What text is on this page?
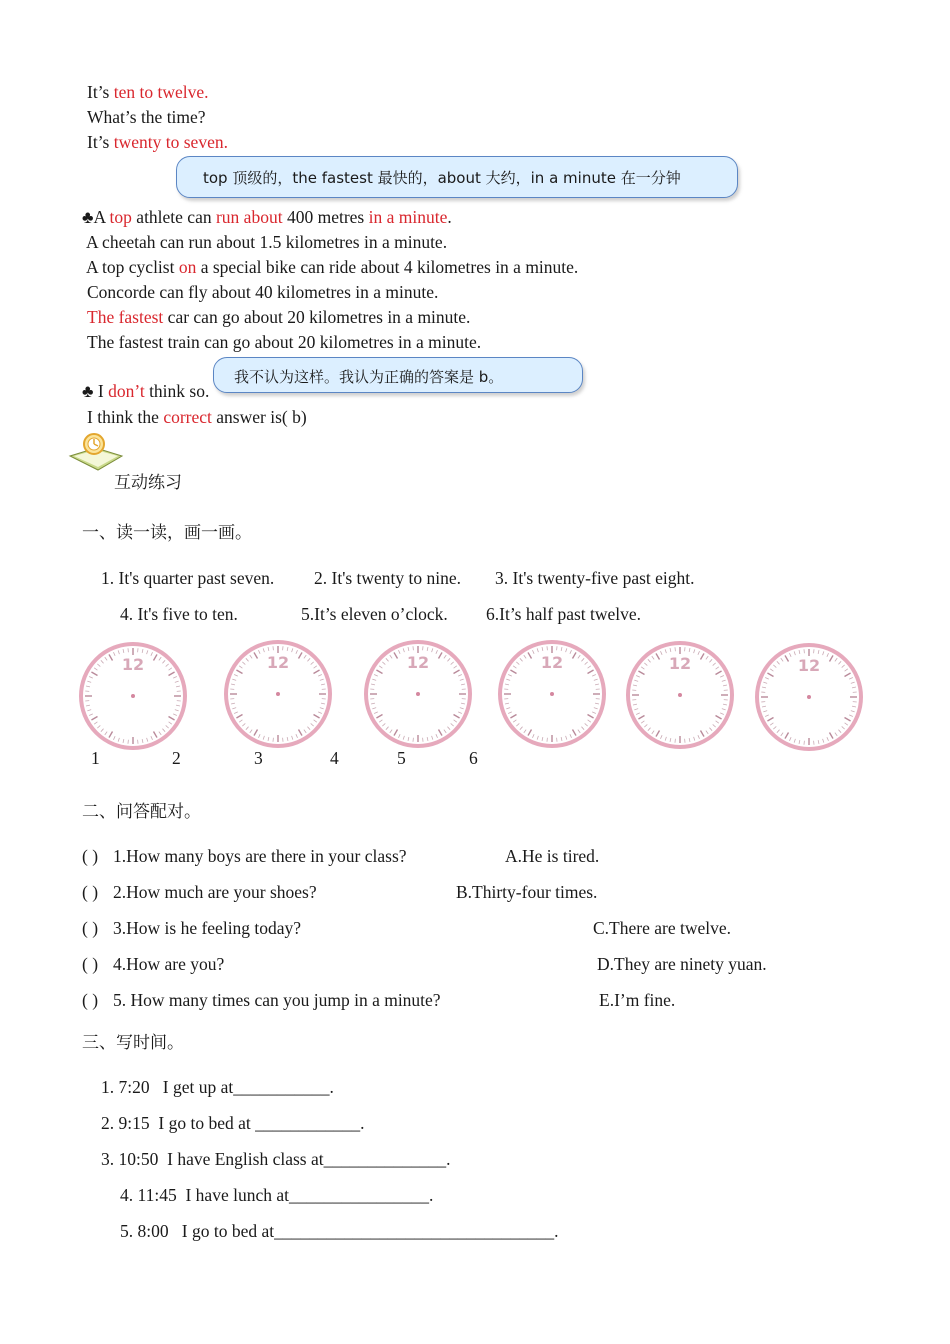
It’s ten to twelve.
What’s the time?
It’s twenty to seven.
top 顶级的，the fastest 最快的，about 大约，in a minute 在一分钟
♣A top athlete can run about 400 metres in a minute.
A cheetah can run about 1.5 kilometres in a minute.
A top cyclist on a special bike can ride about 4 kilometres in a minute.
Concorde can fly about 40 kilometres in a minute.
The fastest car can go about 20 kilometres in a minute.
The fastest train can go about 20 kilometres in a minute.
♣ I don’t think so.
I think the correct answer is( b)
我不认为这样。我认为正确的答案是 b。
互动练习
一、读一读，画一画。
1. It's quarter past seven. 2. It's twenty to nine. 3. It's twenty-five past eight.
4. It's five to ten.	5.It’s eleven o’clock. 6.It’s half past twelve.
12	12	12	12	12	12
1	2	3	4	5	6
二、问答配对。
( ) 1.How many boys are there in your class?	A.He is tired.
( ) 2.How much are your shoes?	B.Thirty-four times.
( ) 3.How is he feeling today?	C.There are twelve.
( ) 4.How are you?	D.They are ninety yuan.
( ) 5. How many times can you jump in a minute?	E.I’m fine.
三、写时间。
1. 7:20 I get up at___________.
2. 9:15 I go to bed at ____________.
3. 10:50 I have English class at______________.
4. 11:45 I have lunch at________________.
5. 8:00 I go to bed at________________________________.
